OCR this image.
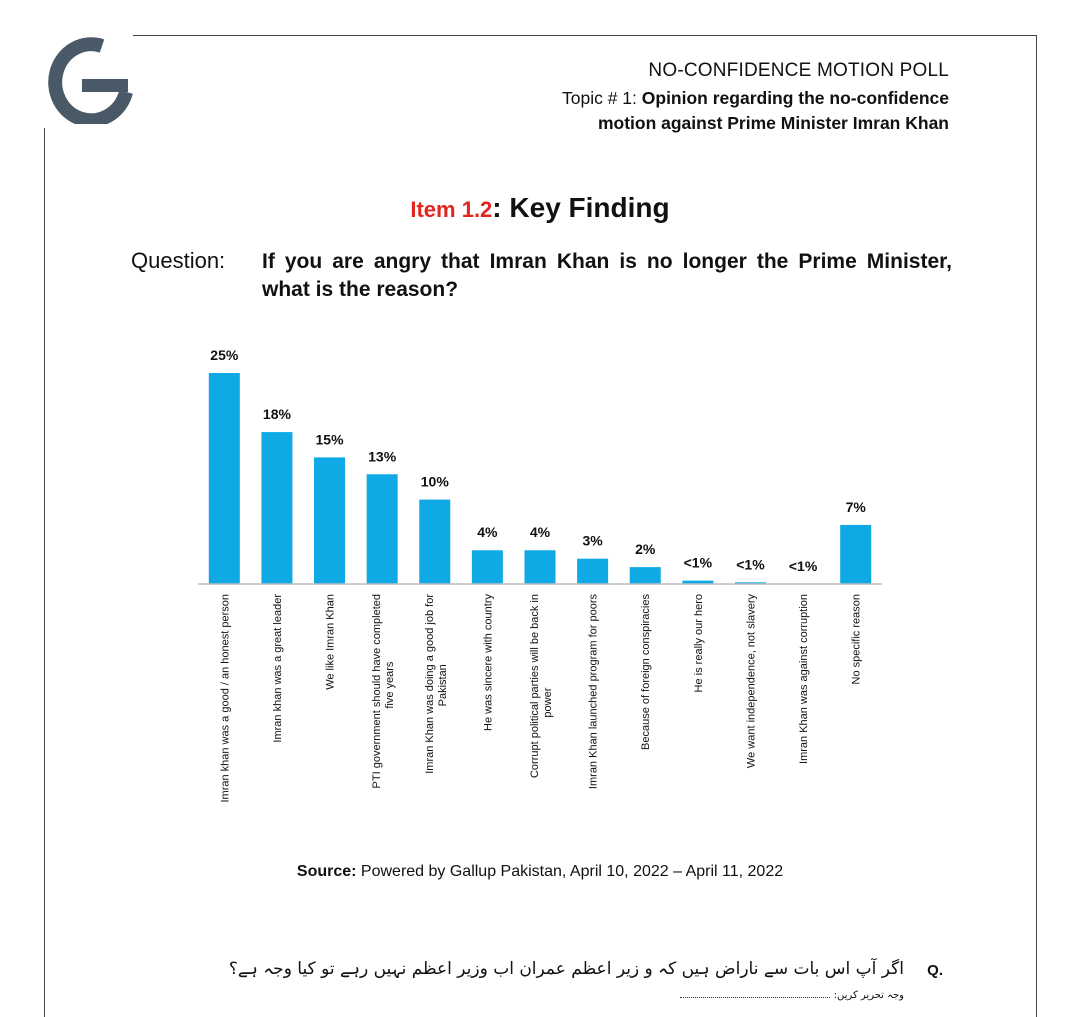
NO-CONFIDENCE MOTION POLL
Topic # 1: Opinion regarding the no-confidence
motion against Prime Minister Imran Khan
Item 1.2: Key Finding
Question: If you are angry that Imran Khan is no longer the Prime Minister, what is the reason?
25%
Imran khan was a good / an honest person
18%
Imran khan was a great leader
15%
We like Imran Khan
13%
PTI government should have completedfive years
10%
Imran Khan was doing a good job forPakistan
4%
He was sincere with country
4%
Corrupt political parties will be back inpower
3%
Imran Khan launched program for poors
2%
Because of foreign conspiracies
<1%
He is really our hero
<1%
We want independence, not slavery
<1%
Imran Khan was against corruption
7%
No specific reason
Source: Powered by Gallup Pakistan, April 10, 2022 – April 11, 2022
اگر آپ اس بات سے ناراض ہیں کہ و زیر اعظم عمران اب وزیر اعظم نہیں رہے تو کیا وجہ ہے؟ Q.
وجہ تحریر کریں:
